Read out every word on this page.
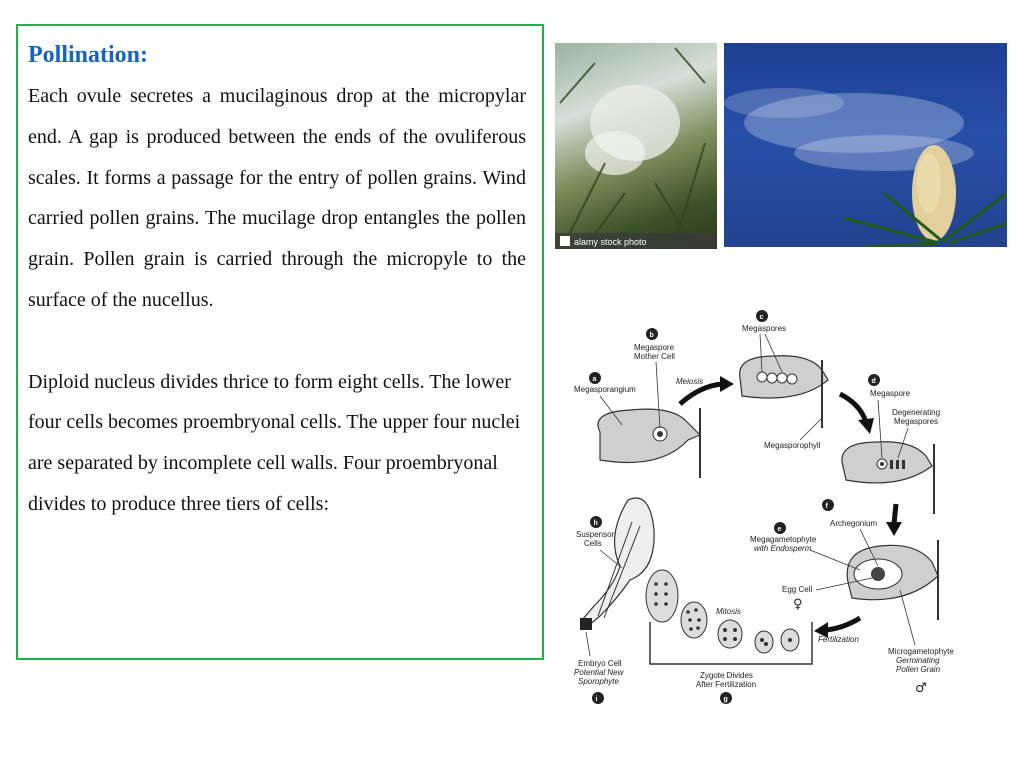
Pollination:

Each ovule secretes a mucilaginous drop at the micropylar end. A gap is produced between the ends of the ovuliferous scales. It forms a passage for the entry of pollen grains. Wind carried pollen grains. The mucilage drop entangles the pollen grain. Pollen grain is carried through the micropyle to the surface of the nucellus.

Diploid nucleus divides thrice to form eight cells. The lower four cells becomes proembryonal cells. The upper four nuclei are separated by incomplete cell walls. Four proembryonal divides to produce three tiers of cells:

alamy stock photo
b
Megaspore
Mother Cell
a
Megasporangium
Meiosis
c
Megaspores
Megasporophyll
d
Megaspore
Degenerating
Megaspores
f
Archegonium
e
Megagametophyte
with Endosperm
Egg Cell
♀
Microgametophyte
Germinating
Pollen Grain
♂
Fertilization
Mitosis
Zygote Divides
After Fertilization
g
h
Suspensor
Cells
Embryo Cell
Potential New
Sporophyte
i
